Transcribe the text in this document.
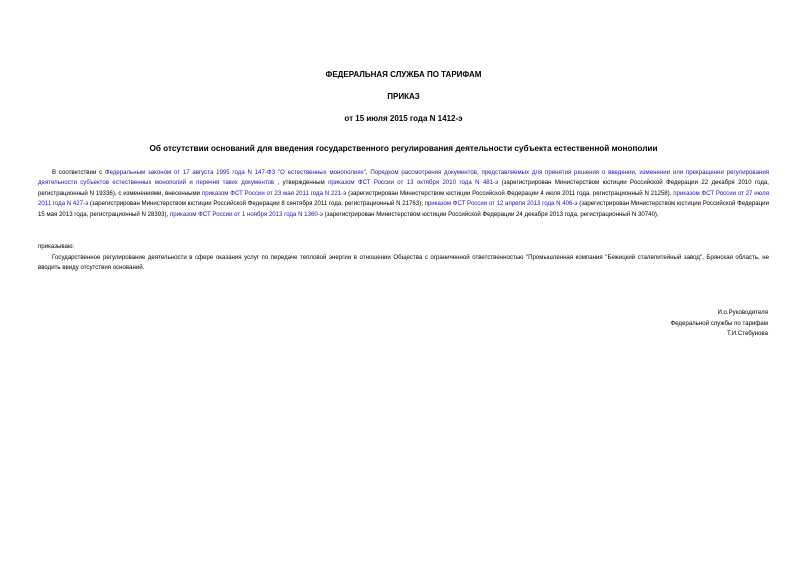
ФЕДЕРАЛЬНАЯ СЛУЖБА ПО ТАРИФАМ
ПРИКАЗ
от 15 июля 2015 года N 1412-э
Об отсутствии оснований для введения государственного регулирования деятельности субъекта естественной монополии

В соответствии с Федеральным законом от 17 августа 1995 года N 147-ФЗ "О естественных монополиях", Порядком рассмотрения документов, представляемых для принятия решения о введении, изменении или прекращении регулирования деятельности субъектов естественных монополий и перечня таких документов , утвержденным приказом ФСТ России от 13 октября 2010 года N 481-э (зарегистрирован Министерством юстиции Российской Федерации 22 декабря 2010 года, регистрационный N 19336), с изменениями, внесенными приказом ФСТ России от 23 мая 2011 года N 221-э (зарегистрирован Министерством юстиции Российской Федерации 4 июля 2011 года, регистрационный N 21258), приказом ФСТ России от 27 июля 2011 года N 427-э (зарегистрирован Министерством юстиции Российской Федерации 8 сентября 2011 года, регистрационный N 21763), приказом ФСТ России от 12 апреля 2013 года N 406-э (зарегистрирован Министерством юстиции Российской Федерации 15 мая 2013 года, регистрационный N 28393), приказом ФСТ России от 1 ноября 2013 года N 1360-э (зарегистрирован Министерством юстиции Российской Федерации 24 декабря 2013 года, регистрационный N 30740),

приказываю:

Государственное регулирование деятельности в сфере оказания услуг по передаче тепловой энергии в отношении Общества с ограниченной ответственностью "Промышленная компания "Бежицкий сталелитейный завод", Брянская область, не вводить ввиду отсутствия оснований.

И.о.Руководителя
Федеральной службы по тарифам
Т.И.Стебунова
